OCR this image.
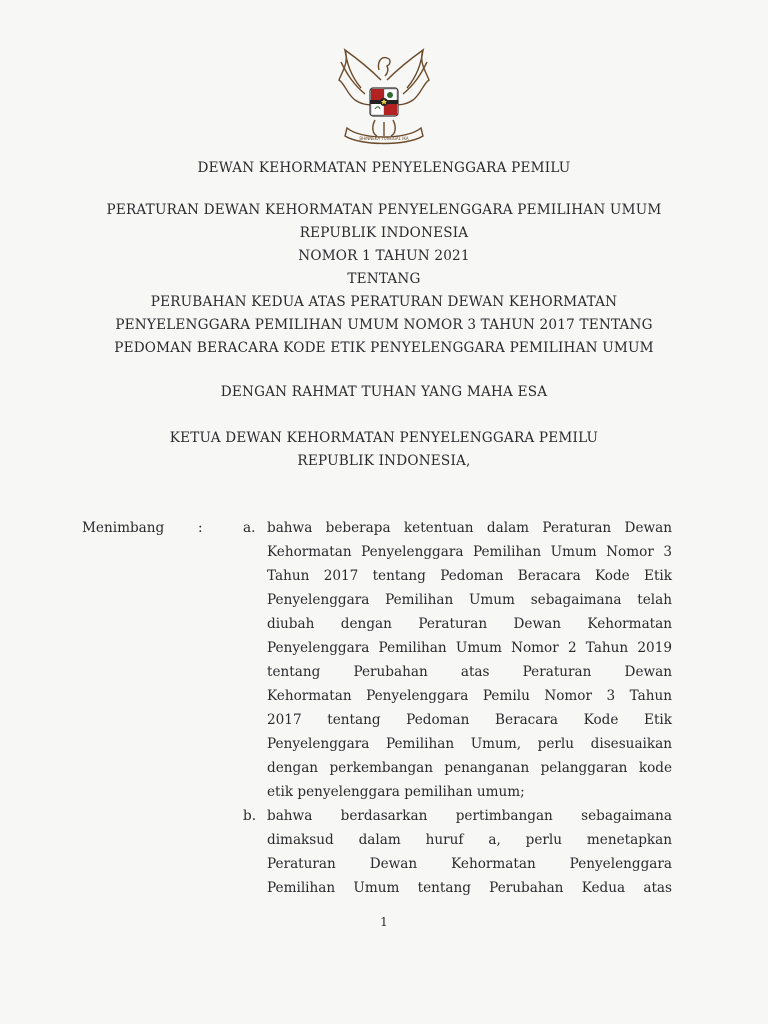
BHINNEKA TUNGGAL IKA
DEWAN KEHORMATAN PENYELENGGARA PEMILU
PERATURAN DEWAN KEHORMATAN PENYELENGGARA PEMILIHAN UMUM
REPUBLIK INDONESIA
NOMOR 1 TAHUN 2021
TENTANG
PERUBAHAN KEDUA ATAS PERATURAN DEWAN KEHORMATAN
PENYELENGGARA PEMILIHAN UMUM NOMOR 3 TAHUN 2017 TENTANG
PEDOMAN BERACARA KODE ETIK PENYELENGGARA PEMILIHAN UMUM
DENGAN RAHMAT TUHAN YANG MAHA ESA
KETUA DEWAN KEHORMATAN PENYELENGGARA PEMILU
REPUBLIK INDONESIA,
Menimbang :	a. bahwa beberapa ketentuan dalam Peraturan Dewan
Kehormatan Penyelenggara Pemilihan Umum Nomor 3
Tahun 2017 tentang Pedoman Beracara Kode Etik
Penyelenggara Pemilihan Umum sebagaimana telah
diubah dengan Peraturan Dewan Kehormatan
Penyelenggara Pemilihan Umum Nomor 2 Tahun 2019
tentang Perubahan atas Peraturan Dewan
Kehormatan Penyelenggara Pemilu Nomor 3 Tahun
2017 tentang Pedoman Beracara Kode Etik
Penyelenggara Pemilihan Umum, perlu disesuaikan
dengan perkembangan penanganan pelanggaran kode
etik penyelenggara pemilihan umum;
b. bahwa berdasarkan pertimbangan sebagaimana
dimaksud dalam huruf a, perlu menetapkan
Peraturan Dewan Kehormatan Penyelenggara
Pemilihan Umum tentang Perubahan Kedua atas
1
